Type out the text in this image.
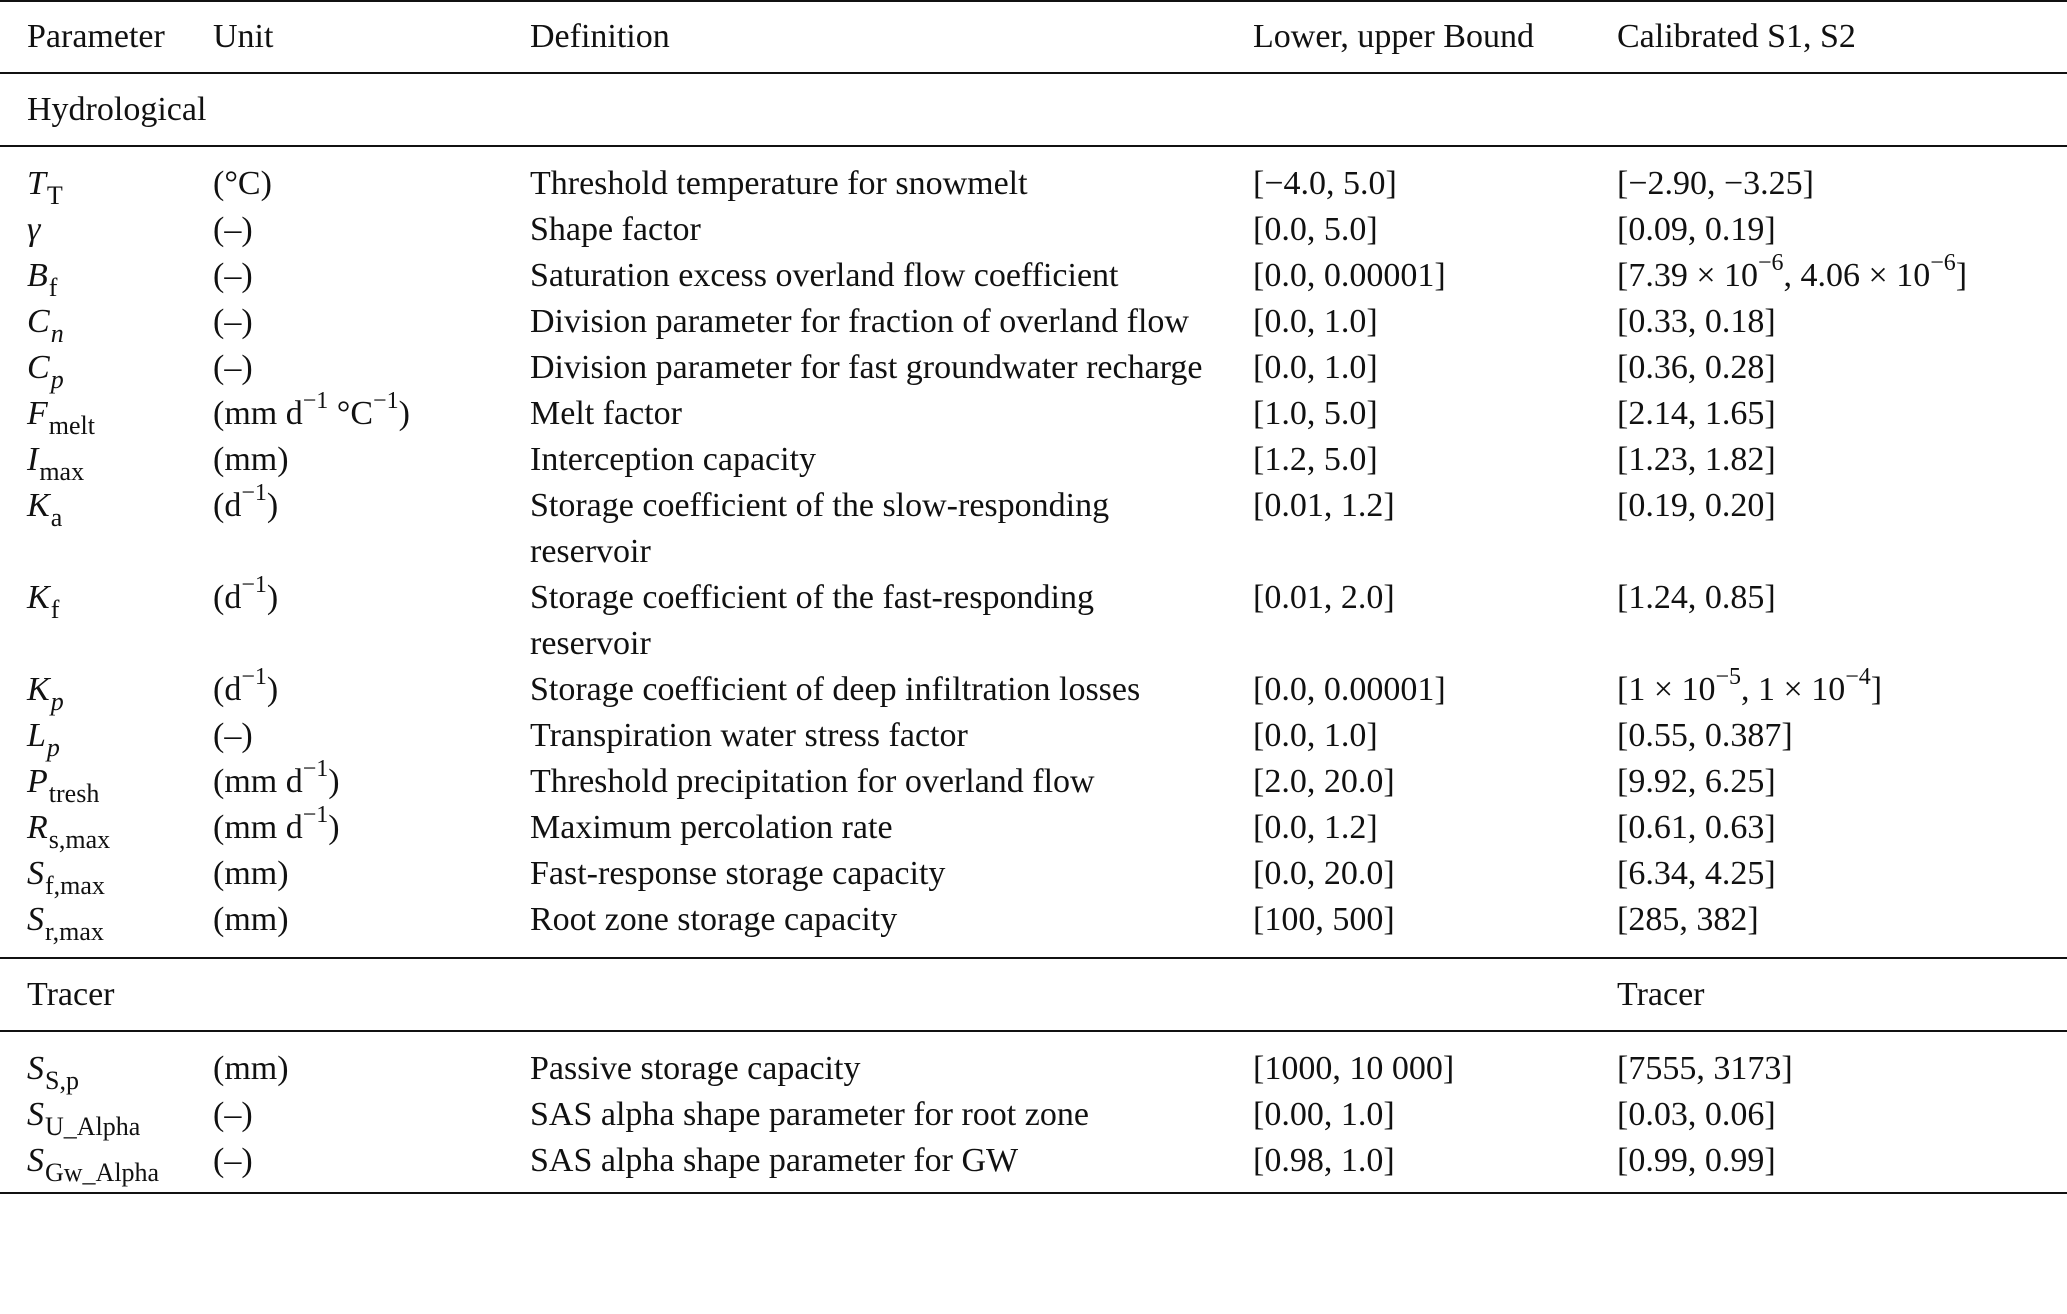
Parameter	Unit	Definition	Lower, upper Bound	Calibrated S1, S2
Hydrological				

$T_T$	(°C)	Threshold temperature for snowmelt	[−4.0, 5.0]	[−2.90, −3.25]
γ	(–)	Shape factor	[0.0, 5.0]	[0.09, 0.19]
$B_f$	(–)	Saturation excess overland flow coefficient	[0.0, 0.00001]	[$7.39 \times 10^{-6}$, $4.06 \times 10^{-6}$]
$C_n$	(–)	Division parameter for fraction of overland flow	[0.0, 1.0]	[0.33, 0.18]
$C_p$	(–)	Division parameter for fast groundwater recharge	[0.0, 1.0]	[0.36, 0.28]
$F_{melt}$	(mm $d^{-1}$ $^\circ C^{-1}$)	Melt factor	[1.0, 5.0]	[2.14, 1.65]
$I_{max}$	(mm)	Interception capacity	[1.2, 5.0]	[1.23, 1.82]
$K_a$	$(d^{-1})$	Storage coefficient of the slow-responding reservoir	[0.01, 1.2]	[0.19, 0.20]
$K_f$	$(d^{-1})$	Storage coefficient of the fast-responding reservoir	[0.01, 2.0]	[1.24, 0.85]
$K_p$	$(d^{-1})$	Storage coefficient of deep infiltration losses	[0.0, 0.00001]	[$1 \times 10^{-5}$, $1 \times 10^{-4}$]
$L_p$	(–)	Transpiration water stress factor	[0.0, 1.0]	[0.55, 0.387]
$P_{tresh}$	(mm $d^{-1}$)	Threshold precipitation for overland flow	[2.0, 20.0]	[9.92, 6.25]
$R_{s,max}$	(mm $d^{-1}$)	Maximum percolation rate	[0.0, 1.2]	[0.61, 0.63]
$S_{f,max}$	(mm)	Fast-response storage capacity	[0.0, 20.0]	[6.34, 4.25]
$S_{r,max}$	(mm)	Root zone storage capacity	[100, 500]	[285, 382]

Tracer				Tracer

$S_{S,p}$	(mm)	Passive storage capacity	[1000, 10 000]	[7555, 3173]
$S_{U\_Alpha}$	(–)	SAS alpha shape parameter for root zone	[0.00, 1.0]	[0.03, 0.06]
$S_{Gw\_Alpha}$	(–)	SAS alpha shape parameter for GW	[0.98, 1.0]	[0.99, 0.99]
